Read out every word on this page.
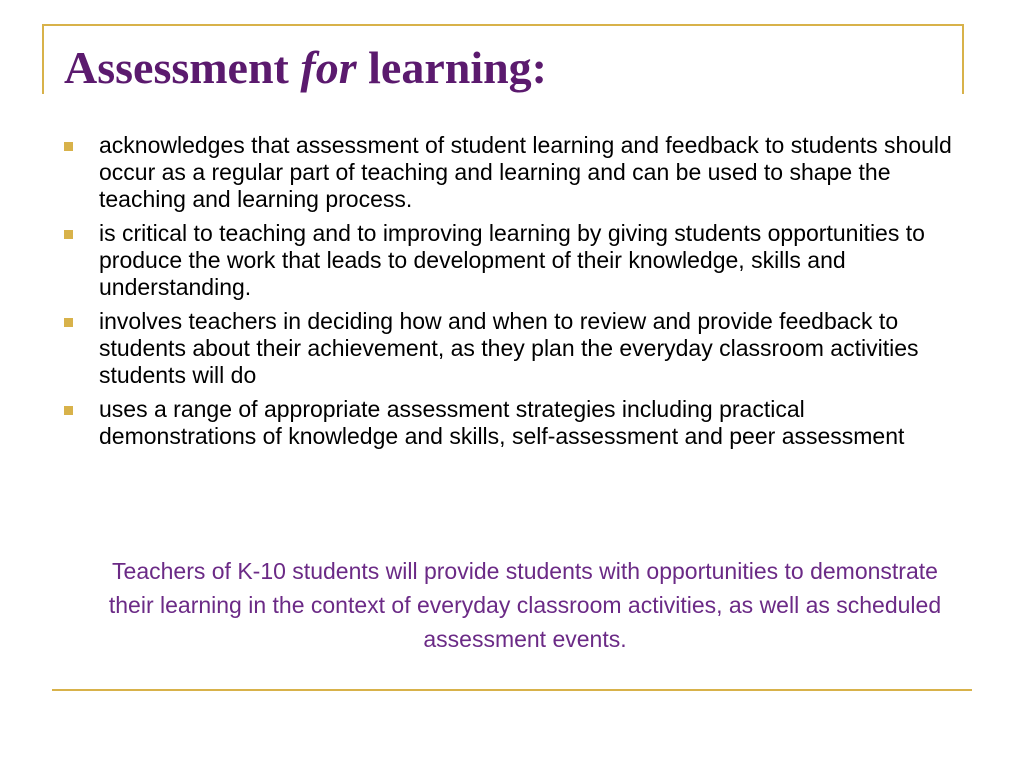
Assessment for learning:
acknowledges that assessment of student learning and feedback to students should occur as a regular part of teaching and learning and can be used to shape the teaching and learning process.
is critical to teaching and to improving learning by giving students opportunities to produce the work that leads to development of their knowledge, skills and understanding.
involves teachers in deciding how and when to review and provide feedback to students about their achievement, as they plan the everyday classroom activities students will do
uses a range of appropriate assessment strategies including practical demonstrations of knowledge and skills, self-assessment and peer assessment

Teachers of K-10 students will provide students with opportunities to demonstrate their learning in the context of everyday classroom activities, as well as scheduled assessment events.
